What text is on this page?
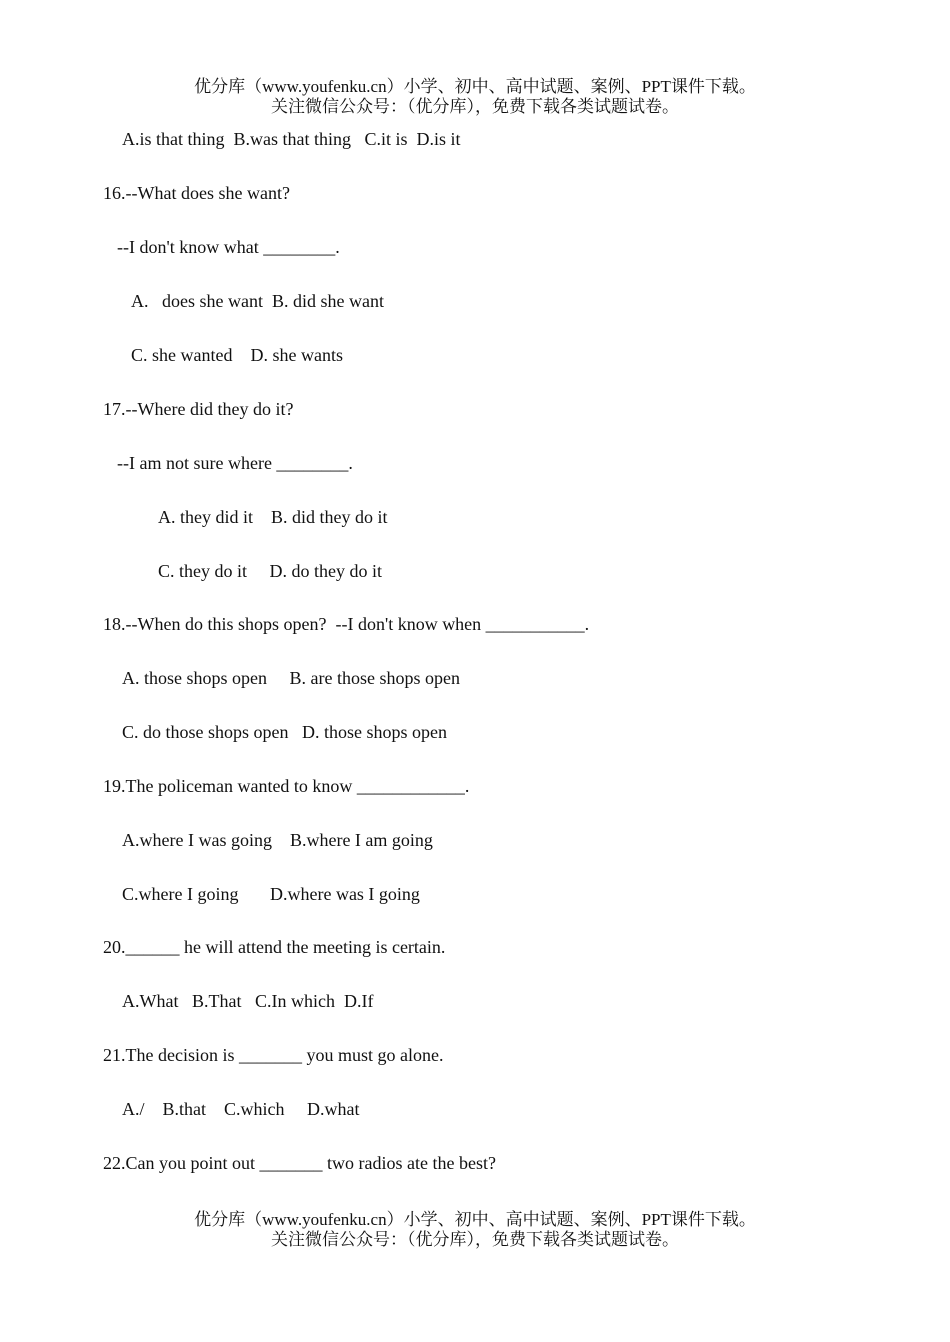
优分库（www.youfenku.cn）小学、初中、高中试题、案例、PPT课件下载。
关注微信公众号：（优分库），免费下载各类试题试卷。
A.is that thing  B.was that thing   C.it is  D.is it
16.--What does she want?
--I don't know what ________.
A.   does she want  B. did she want
C. she wanted    D. she wants
17.--Where did they do it?
--I am not sure where ________.
A. they did it    B. did they do it
C. they do it     D. do they do it
18.--When do this shops open?  --I don't know when ___________.
A. those shops open     B. are those shops open
C. do those shops open   D. those shops open
19.The policeman wanted to know ____________.
A.where I was going    B.where I am going
C.where I going       D.where was I going
20.______ he will attend the meeting is certain.
A.What   B.That   C.In which  D.If
21.The decision is _______ you must go alone.
A./    B.that    C.which     D.what
22.Can you point out _______ two radios ate the best?
优分库（www.youfenku.cn）小学、初中、高中试题、案例、PPT课件下载。
关注微信公众号：（优分库），免费下载各类试题试卷。
